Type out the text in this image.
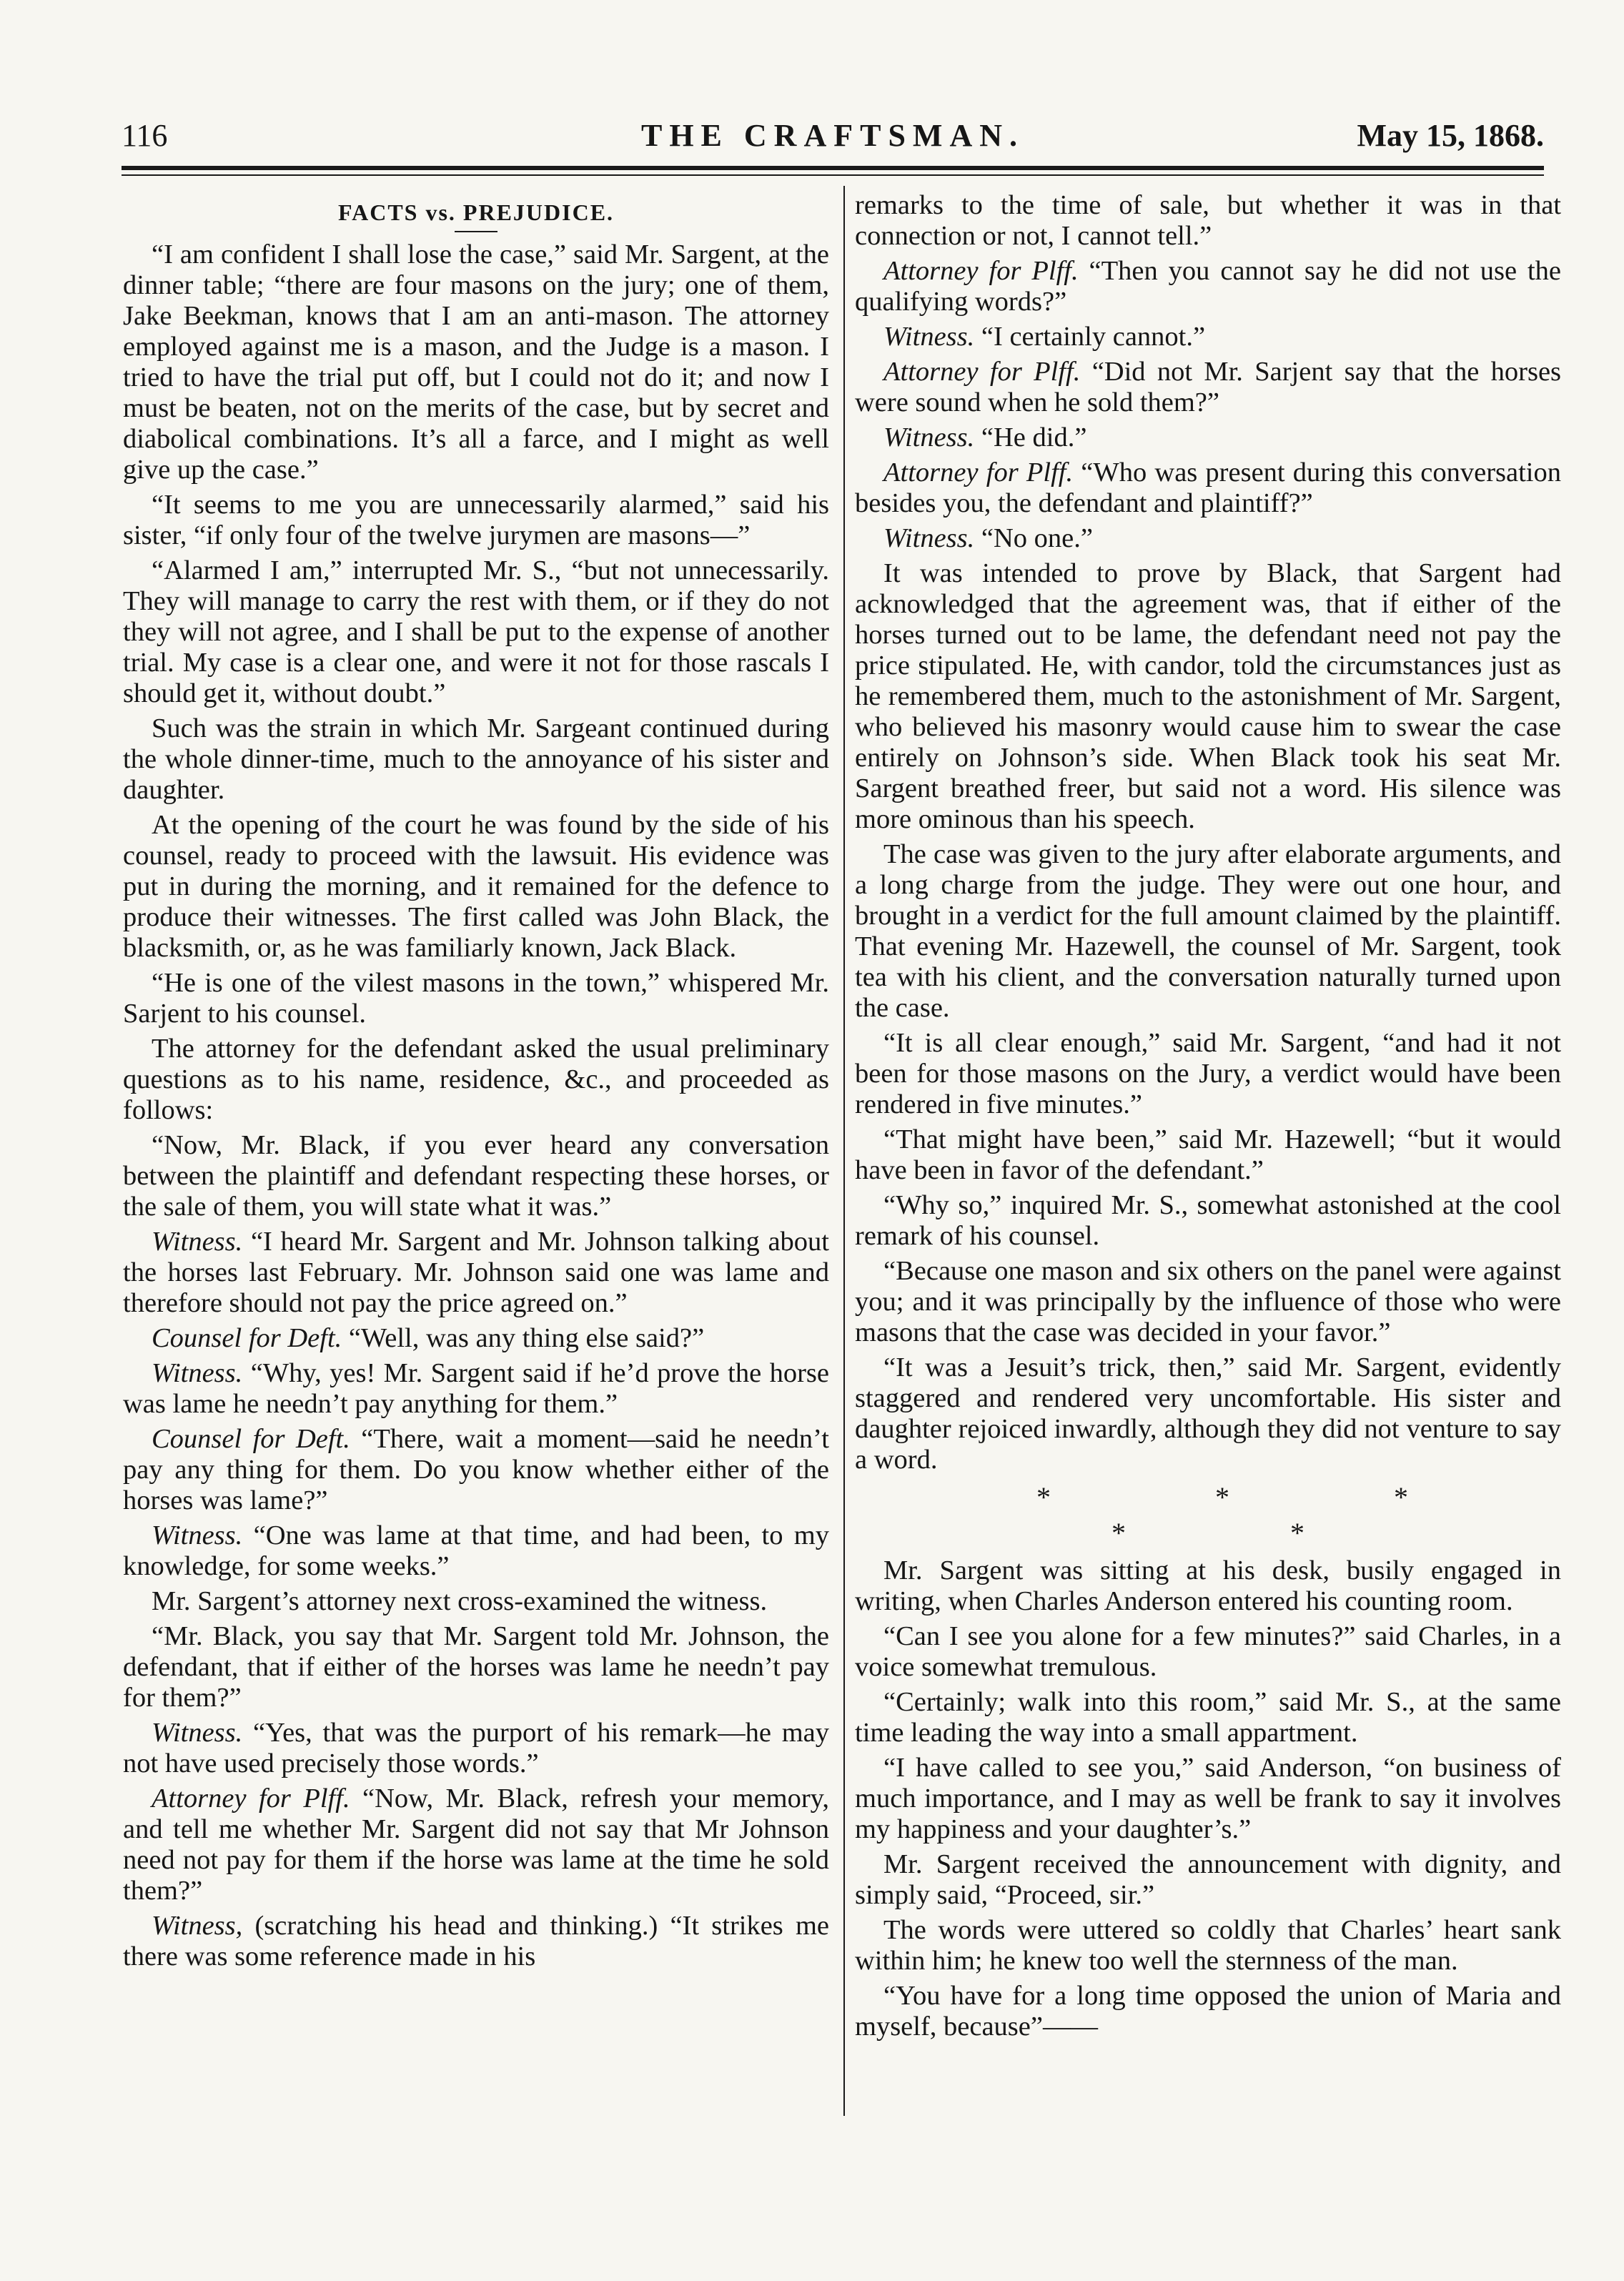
116	THE CRAFTSMAN.	May 15, 1868.
FACTS vs. PREJUDICE.

“I am confident I shall lose the case,” said Mr. Sargent, at the dinner table; “there are four masons on the jury; one of them, Jake Beekman, knows that I am an anti-mason. The attorney employed against me is a mason, and the Judge is a mason. I tried to have the trial put off, but I could not do it; and now I must be beaten, not on the merits of the case, but by secret and diabolical combinations. It’s all a farce, and I might as well give up the case.”

“It seems to me you are unnecessarily alarmed,” said his sister, “if only four of the twelve jurymen are masons—”

“Alarmed I am,” interrupted Mr. S., “but not unnecessarily. They will manage to carry the rest with them, or if they do not they will not agree, and I shall be put to the expense of another trial. My case is a clear one, and were it not for those rascals I should get it, without doubt.”

Such was the strain in which Mr. Sargeant continued during the whole dinner-time, much to the annoyance of his sister and daughter.

At the opening of the court he was found by the side of his counsel, ready to proceed with the lawsuit. His evidence was put in during the morning, and it remained for the defence to produce their witnesses. The first called was John Black, the blacksmith, or, as he was familiarly known, Jack Black.

“He is one of the vilest masons in the town,” whispered Mr. Sarjent to his counsel.

The attorney for the defendant asked the usual preliminary questions as to his name, residence, &c., and proceeded as follows:

“Now, Mr. Black, if you ever heard any conversation between the plaintiff and defendant respecting these horses, or the sale of them, you will state what it was.”

Witness. “I heard Mr. Sargent and Mr. Johnson talking about the horses last February. Mr. Johnson said one was lame and therefore should not pay the price agreed on.”

Counsel for Deft. “Well, was any thing else said?”

Witness. “Why, yes! Mr. Sargent said if he’d prove the horse was lame he needn’t pay anything for them.”

Counsel for Deft. “There, wait a moment—said he needn’t pay any thing for them. Do you know whether either of the horses was lame?”

Witness. “One was lame at that time, and had been, to my knowledge, for some weeks.”

Mr. Sargent’s attorney next cross-examined the witness.

“Mr. Black, you say that Mr. Sargent told Mr. Johnson, the defendant, that if either of the horses was lame he needn’t pay for them?”

Witness. “Yes, that was the purport of his remark—he may not have used precisely those words.”

Attorney for Plff. “Now, Mr. Black, refresh your memory, and tell me whether Mr. Sargent did not say that Mr Johnson need not pay for them if the horse was lame at the time he sold them?”

Witness, (scratching his head and thinking.) “It strikes me there was some reference made in his

remarks to the time of sale, but whether it was in that connection or not, I cannot tell.”

Attorney for Plff. “Then you cannot say he did not use the qualifying words?”

Witness. “I certainly cannot.”

Attorney for Plff. “Did not Mr. Sarjent say that the horses were sound when he sold them?”

Witness. “He did.”

Attorney for Plff. “Who was present during this conversation besides you, the defendant and plaintiff?”

Witness. “No one.”

It was intended to prove by Black, that Sargent had acknowledged that the agreement was, that if either of the horses turned out to be lame, the defendant need not pay the price stipulated. He, with candor, told the circumstances just as he remembered them, much to the astonishment of Mr. Sargent, who believed his masonry would cause him to swear the case entirely on Johnson’s side. When Black took his seat Mr. Sargent breathed freer, but said not a word. His silence was more ominous than his speech.

The case was given to the jury after elaborate arguments, and a long charge from the judge. They were out one hour, and brought in a verdict for the full amount claimed by the plaintiff. That evening Mr. Hazewell, the counsel of Mr. Sargent, took tea with his client, and the conversation naturally turned upon the case.

“It is all clear enough,” said Mr. Sargent, “and had it not been for those masons on the Jury, a verdict would have been rendered in five minutes.”

“That might have been,” said Mr. Hazewell; “but it would have been in favor of the defendant.”

“Why so,” inquired Mr. S., somewhat astonished at the cool remark of his counsel.

“Because one mason and six others on the panel were against you; and it was principally by the influence of those who were masons that the case was decided in your favor.”

“It was a Jesuit’s trick, then,” said Mr. Sargent, evidently staggered and rendered very uncomfortable. His sister and daughter rejoiced inwardly, although they did not venture to say a word.

* * * * *

Mr. Sargent was sitting at his desk, busily engaged in writing, when Charles Anderson entered his counting room.

“Can I see you alone for a few minutes?” said Charles, in a voice somewhat tremulous.

“Certainly; walk into this room,” said Mr. S., at the same time leading the way into a small appartment.

“I have called to see you,” said Anderson, “on business of much importance, and I may as well be frank to say it involves my happiness and your daughter’s.”

Mr. Sargent received the announcement with dignity, and simply said, “Proceed, sir.”

The words were uttered so coldly that Charles’ heart sank within him; he knew too well the sternness of the man.

“You have for a long time opposed the union of Maria and myself, because”——
